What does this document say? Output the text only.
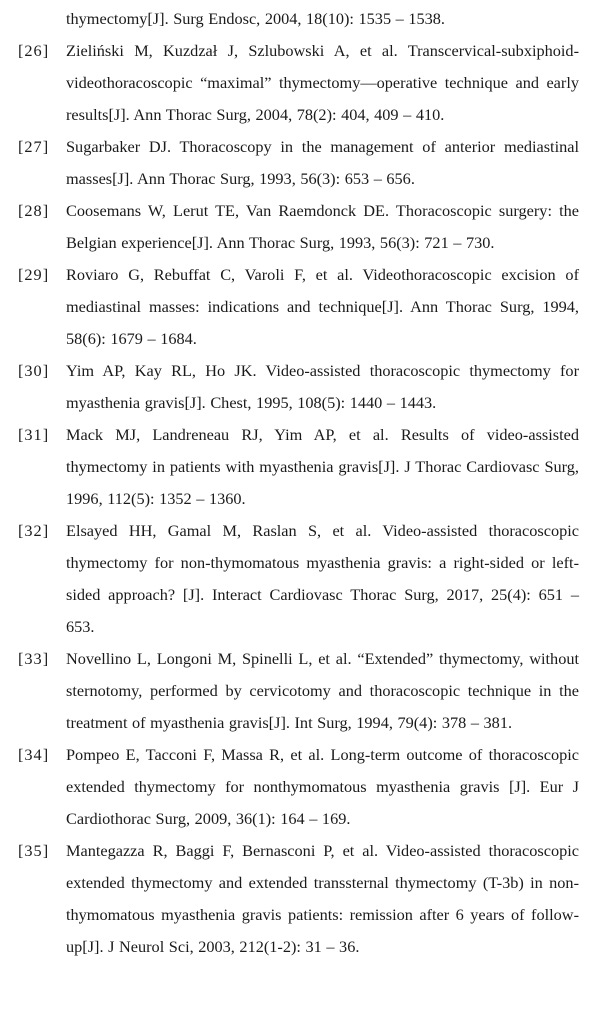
thymectomy[J]. Surg Endosc, 2004, 18(10): 1535 – 1538.
[26]	Zieliński M, Kuzdzał J, Szlubowski A, et al. Transcervical-subxiphoid-videothoracoscopic “maximal” thymectomy—operative technique and early results[J]. Ann Thorac Surg, 2004, 78(2): 404, 409 – 410.
[27]	Sugarbaker DJ. Thoracoscopy in the management of anterior mediastinal masses[J]. Ann Thorac Surg, 1993, 56(3): 653 – 656.
[28]	Coosemans W, Lerut TE, Van Raemdonck DE. Thoracoscopic surgery: the Belgian experience[J]. Ann Thorac Surg, 1993, 56(3): 721 – 730.
[29]	Roviaro G, Rebuffat C, Varoli F, et al. Videothoracoscopic excision of mediastinal masses: indications and technique[J]. Ann Thorac Surg, 1994, 58(6): 1679 – 1684.
[30]	Yim AP, Kay RL, Ho JK. Video-assisted thoracoscopic thymectomy for myasthenia gravis[J]. Chest, 1995, 108(5): 1440 – 1443.
[31]	Mack MJ, Landreneau RJ, Yim AP, et al. Results of video-assisted thymectomy in patients with myasthenia gravis[J]. J Thorac Cardiovasc Surg, 1996, 112(5): 1352 – 1360.
[32]	Elsayed HH, Gamal M, Raslan S, et al. Video-assisted thoracoscopic thymectomy for non-thymomatous myasthenia gravis: a right-sided or left-sided approach? [J]. Interact Cardiovasc Thorac Surg, 2017, 25(4): 651 – 653.
[33]	Novellino L, Longoni M, Spinelli L, et al. “Extended” thymectomy, without sternotomy, performed by cervicotomy and thoracoscopic technique in the treatment of myasthenia gravis[J]. Int Surg, 1994, 79(4): 378 – 381.
[34]	Pompeo E, Tacconi F, Massa R, et al. Long-term outcome of thoracoscopic extended thymectomy for nonthymomatous myasthenia gravis [J]. Eur J Cardiothorac Surg, 2009, 36(1): 164 – 169.
[35]	Mantegazza R, Baggi F, Bernasconi P, et al. Video-assisted thoracoscopic extended thymectomy and extended transsternal thymectomy (T-3b) in non-thymomatous myasthenia gravis patients: remission after 6 years of follow-up[J]. J Neurol Sci, 2003, 212(1-2): 31 – 36.
